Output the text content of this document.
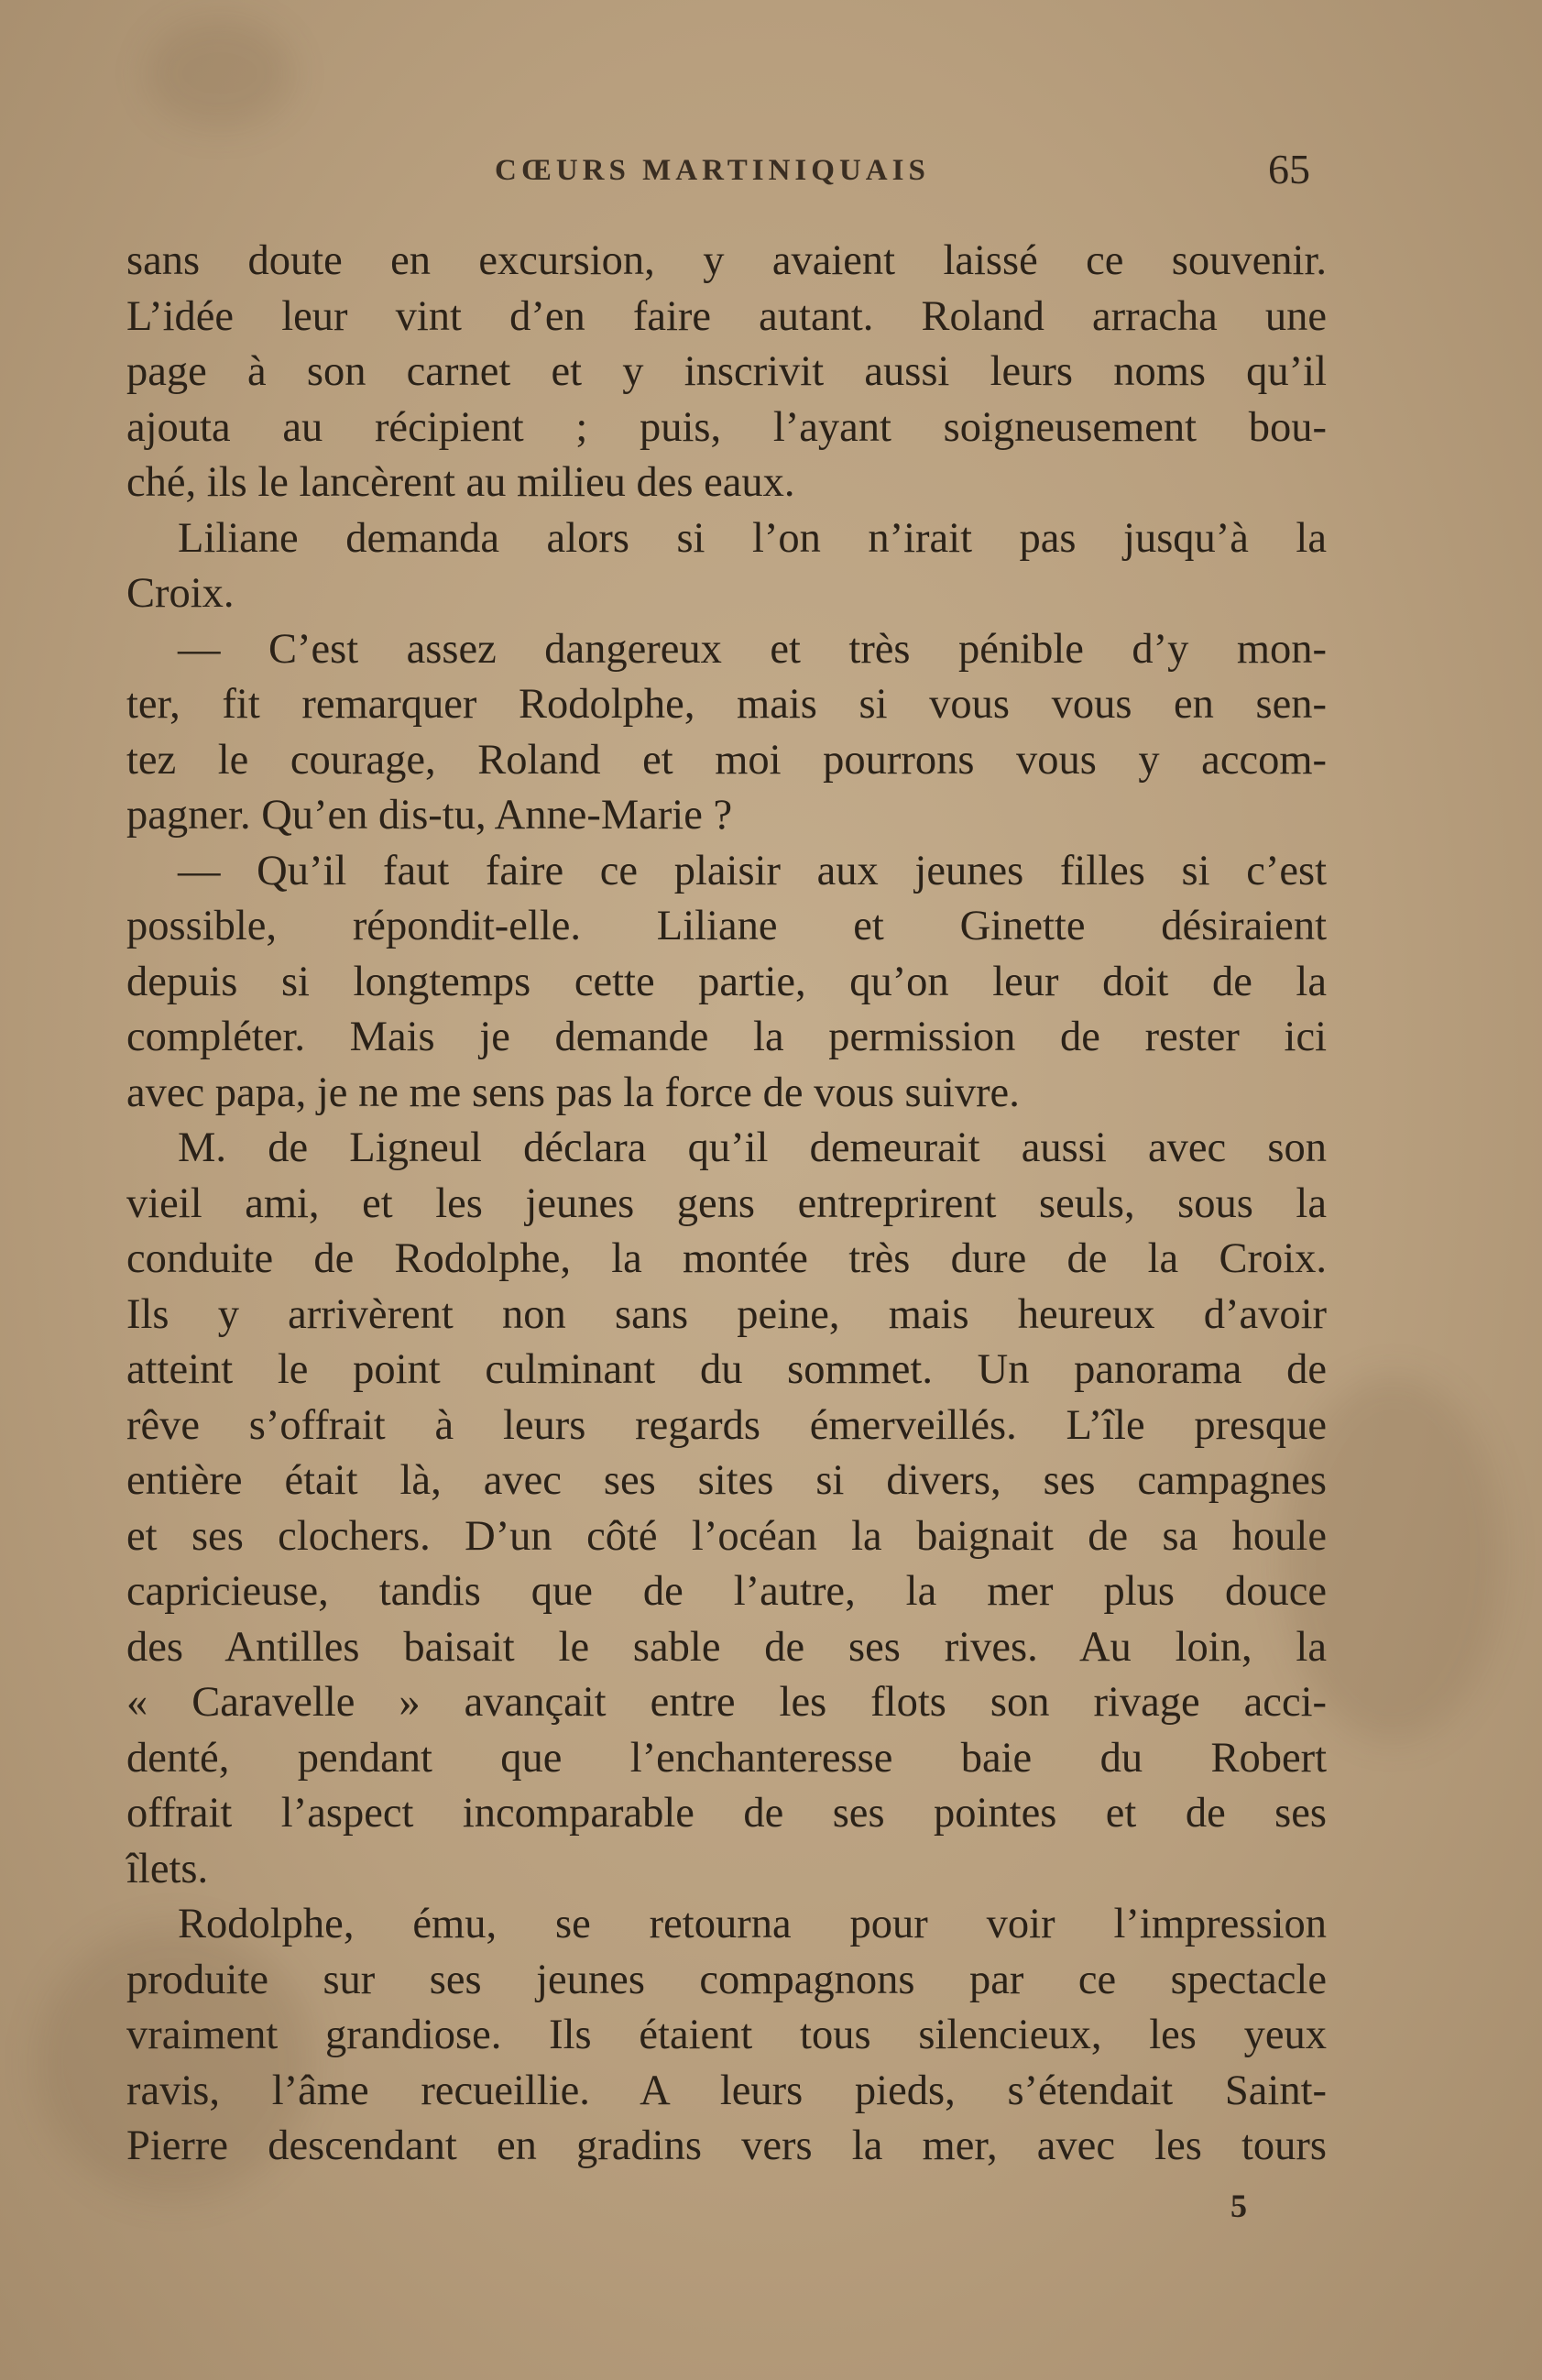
CŒURS MARTINIQUAIS	65
sans doute en excursion, y avaient laissé ce souvenir.
L’idée leur vint d’en faire autant. Roland arracha une
page à son carnet et y inscrivit aussi leurs noms qu’il
ajouta au récipient ; puis, l’ayant soigneusement bou-
ché, ils le lancèrent au milieu des eaux.
Liliane demanda alors si l’on n’irait pas jusqu’à la
Croix.
— C’est assez dangereux et très pénible d’y mon-
ter, fit remarquer Rodolphe, mais si vous vous en sen-
tez le courage, Roland et moi pourrons vous y accom-
pagner. Qu’en dis-tu, Anne-Marie ?
— Qu’il faut faire ce plaisir aux jeunes filles si c’est
possible, répondit-elle. Liliane et Ginette désiraient
depuis si longtemps cette partie, qu’on leur doit de la
compléter. Mais je demande la permission de rester ici
avec papa, je ne me sens pas la force de vous suivre.
M. de Ligneul déclara qu’il demeurait aussi avec son
vieil ami, et les jeunes gens entreprirent seuls, sous la
conduite de Rodolphe, la montée très dure de la Croix.
Ils y arrivèrent non sans peine, mais heureux d’avoir
atteint le point culminant du sommet. Un panorama de
rêve s’offrait à leurs regards émerveillés. L’île presque
entière était là, avec ses sites si divers, ses campagnes
et ses clochers. D’un côté l’océan la baignait de sa houle
capricieuse, tandis que de l’autre, la mer plus douce
des Antilles baisait le sable de ses rives. Au loin, la
« Caravelle » avançait entre les flots son rivage acci-
denté, pendant que l’enchanteresse baie du Robert
offrait l’aspect incomparable de ses pointes et de ses
îlets.
Rodolphe, ému, se retourna pour voir l’impression
produite sur ses jeunes compagnons par ce spectacle
vraiment grandiose. Ils étaient tous silencieux, les yeux
ravis, l’âme recueillie. A leurs pieds, s’étendait Saint-
Pierre descendant en gradins vers la mer, avec les tours
5
